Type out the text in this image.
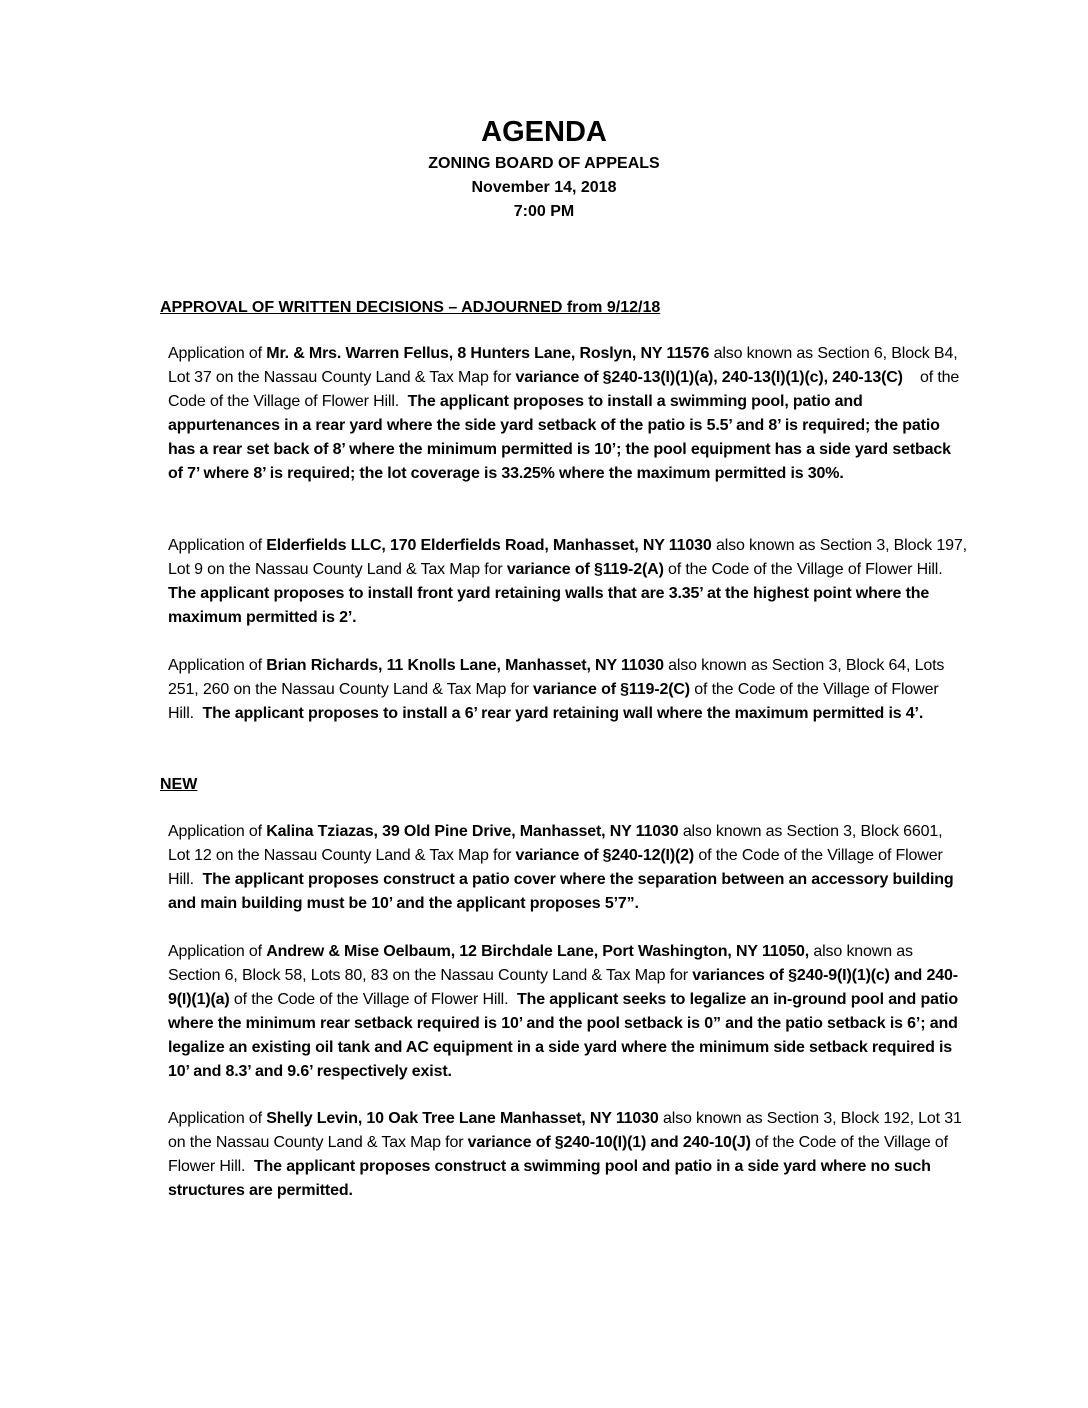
AGENDA

ZONING BOARD OF APPEALS

November 14, 2018

7:00 PM

APPROVAL OF WRITTEN DECISIONS – ADJOURNED from 9/12/18

Application of Mr. & Mrs. Warren Fellus, 8 Hunters Lane, Roslyn, NY 11576 also known as Section 6, Block B4, Lot 37 on the Nassau County Land & Tax Map for variance of §240-13(I)(1)(a), 240-13(I)(1)(c), 240-13(C) of the Code of the Village of Flower Hill. The applicant proposes to install a swimming pool, patio and appurtenances in a rear yard where the side yard setback of the patio is 5.5’ and 8’ is required; the patio has a rear set back of 8’ where the minimum permitted is 10’; the pool equipment has a side yard setback of 7’ where 8’ is required; the lot coverage is 33.25% where the maximum permitted is 30%.

Application of Elderfields LLC, 170 Elderfields Road, Manhasset, NY 11030 also known as Section 3, Block 197, Lot 9 on the Nassau County Land & Tax Map for variance of §119-2(A) of the Code of the Village of Flower Hill.  The applicant proposes to install front yard retaining walls that are 3.35’ at the highest point where the maximum permitted is 2’.

Application of Brian Richards, 11 Knolls Lane, Manhasset, NY 11030 also known as Section 3, Block 64, Lots 251, 260 on the Nassau County Land & Tax Map for variance of §119-2(C) of the Code of the Village of Flower Hill. The applicant proposes to install a 6’ rear yard retaining wall where the maximum permitted is 4’.

NEW

Application of Kalina Tziazas, 39 Old Pine Drive, Manhasset, NY 11030 also known as Section 3, Block 6601, Lot 12 on the Nassau County Land & Tax Map for variance of §240-12(I)(2) of the Code of the Village of Flower Hill. The applicant proposes construct a patio cover where the separation between an accessory building and main building must be 10’ and the applicant proposes 5’7”.

Application of Andrew & Mise Oelbaum, 12 Birchdale Lane, Port Washington, NY 11050, also known as Section 6, Block 58, Lots 80, 83 on the Nassau County Land & Tax Map for variances of §240-9(I)(1)(c) and 240-9(I)(1)(a) of the Code of the Village of Flower Hill. The applicant seeks to legalize an in-ground pool and patio where the minimum rear setback required is 10’ and the pool setback is 0” and the patio setback is 6’; and legalize an existing oil tank and AC equipment in a side yard where the minimum side setback required is 10’ and 8.3’ and 9.6’ respectively exist.

Application of Shelly Levin, 10 Oak Tree Lane Manhasset, NY 11030 also known as Section 3, Block 192, Lot 31 on the Nassau County Land & Tax Map for variance of §240-10(I)(1) and 240-10(J) of the Code of the Village of Flower Hill. The applicant proposes construct a swimming pool and patio in a side yard where no such structures are permitted.
